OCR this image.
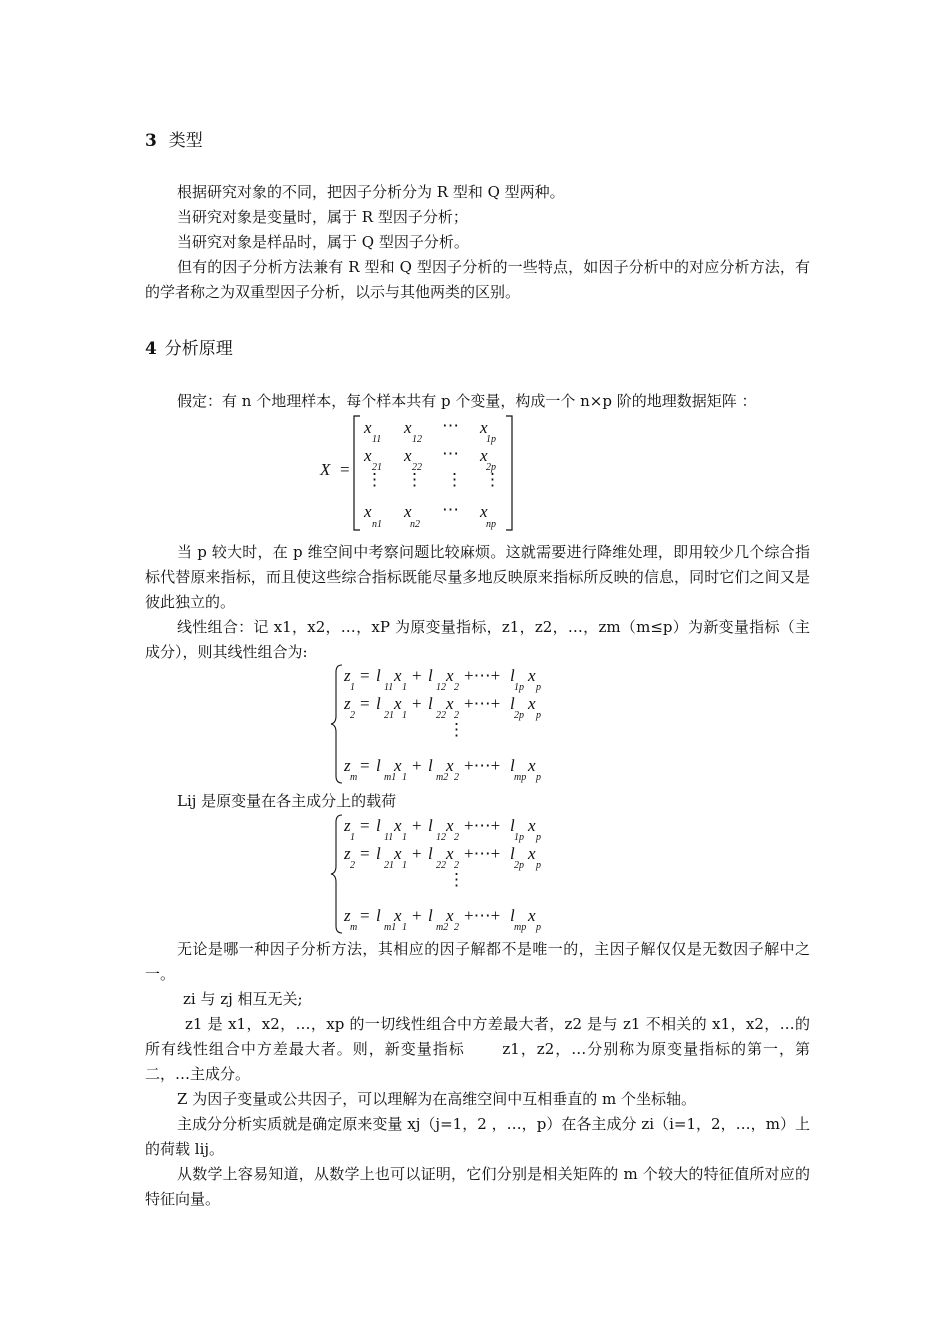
3 类型
根据研究对象的不同，把因子分析分为 R 型和 Q 型两种。
当研究对象是变量时，属于 R 型因子分析；
当研究对象是样品时，属于 Q 型因子分析。
但有的因子分析方法兼有 R 型和 Q 型因子分析的一些特点，如因子分析中的对应分析方法，有的学者称之为双重型因子分析，以示与其他两类的区别。
4 分析原理
假定：有 n 个地理样本，每个样本共有 p 个变量，构成一个 n×p 阶的地理数据矩阵 ：
X =
x
11
x
12
⋯ x
1p
x
21
x
22
⋯ x
2p
⋮ ⋮ ⋮ ⋮
x
n1
x
n2
⋯ x
np
当 p 较大时，在 p 维空间中考察问题比较麻烦。这就需要进行降维处理，即用较少几个综合指标代替原来指标，而且使这些综合指标既能尽量多地反映原来指标所反映的信息，同时它们之间又是彼此独立的。
线性组合：记 x1，x2，…，xP 为原变量指标，z1，z2，…，zm（m≤p）为新变量指标（主成分），则其线性组合为:
z
1
= l
11
x
1
+ l
12
x
2
+⋯+ l
1p
x
p
z
2
= l
21
x
1
+ l
22
x
2
+⋯+ l
2p
x
p
z
m
= l
m1
x
1
+ l
m2
x
2
+⋯+ l
mp
x
p
⋮
Lij 是原变量在各主成分上的载荷
z
1
= l
11
x
1
+ l
12
x
2
+⋯+ l
1p
x
p
z
2
= l
21
x
1
+ l
22
x
2
+⋯+ l
2p
x
p
z
m
= l
m1
x
1
+ l
m2
x
2
+⋯+ l
mp
x
p
⋮
无论是哪一种因子分析方法，其相应的因子解都不是唯一的，主因子解仅仅是无数因子解中之一。
zi 与 zj 相互无关;
z1 是 x1，x2，…，xp 的一切线性组合中方差最大者，z2 是与 z1 不相关的 x1，x2，…的所有线性组合中方差最大者。则，新变量指标　　 z1，z2，…分别称为原变量指标的第一，第二，…主成分。
Z 为因子变量或公共因子，可以理解为在高维空间中互相垂直的 m 个坐标轴。
主成分分析实质就是确定原来变量 xj（j=1，2 ，…，p）在各主成分 zi（i=1，2，…，m）上的荷载 lij。
从数学上容易知道，从数学上也可以证明，它们分别是相关矩阵的 m 个较大的特征值所对应的特征向量。
